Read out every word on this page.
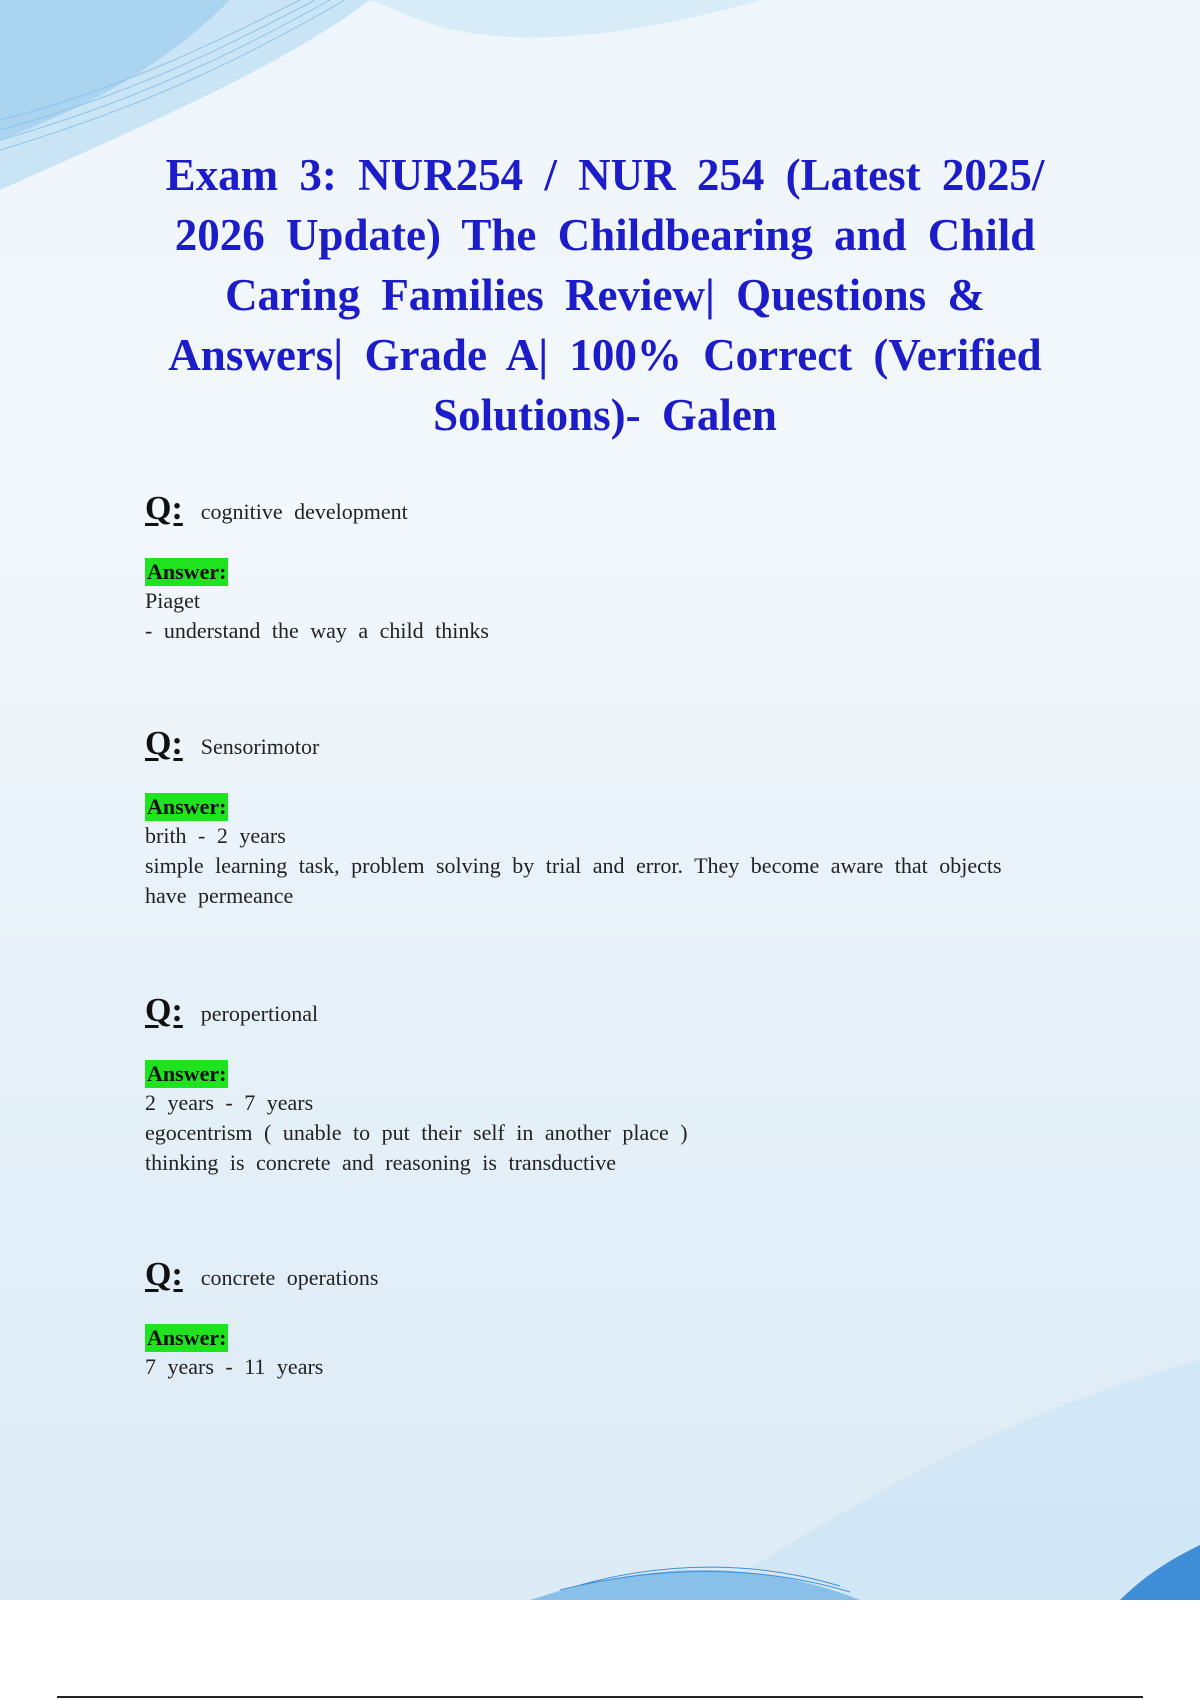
Exam 3: NUR254 / NUR 254 (Latest 2025/ 2026 Update) The Childbearing and Child Caring Families Review| Questions & Answers| Grade A| 100% Correct (Verified Solutions)- Galen
Q: cognitive development
Answer:
Piaget
- understand the way a child thinks
Q: Sensorimotor
Answer:
brith - 2 years
simple learning task, problem solving by trial and error. They become aware that objects have permeance
Q: peropertional
Answer:
2 years - 7 years
egocentrism ( unable to put their self in another place )
thinking is concrete and reasoning is transductive
Q: concrete operations
Answer:
7 years - 11 years
